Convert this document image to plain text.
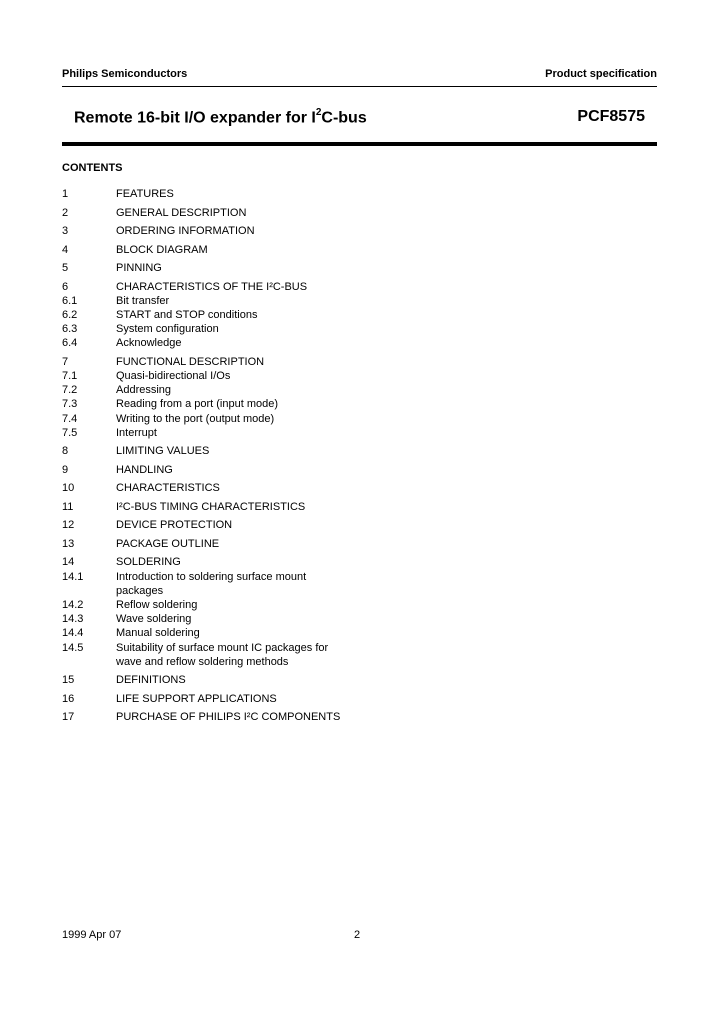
Philips Semiconductors	Product specification
Remote 16-bit I/O expander for $I^2C$-bus	PCF8575
CONTENTS
1	FEATURES
2	GENERAL DESCRIPTION
3	ORDERING INFORMATION
4	BLOCK DIAGRAM
5	PINNING
6	CHARACTERISTICS OF THE I²C-BUS
6.1	Bit transfer
6.2	START and STOP conditions
6.3	System configuration
6.4	Acknowledge
7	FUNCTIONAL DESCRIPTION
7.1	Quasi-bidirectional I/Os
7.2	Addressing
7.3	Reading from a port (input mode)
7.4	Writing to the port (output mode)
7.5	Interrupt
8	LIMITING VALUES
9	HANDLING
10	CHARACTERISTICS
11	I²C-BUS TIMING CHARACTERISTICS
12	DEVICE PROTECTION
13	PACKAGE OUTLINE
14	SOLDERING
14.1	Introduction to soldering surface mount
packages
14.2	Reflow soldering
14.3	Wave soldering
14.4	Manual soldering
14.5	Suitability of surface mount IC packages for
wave and reflow soldering methods
15	DEFINITIONS
16	LIFE SUPPORT APPLICATIONS
17	PURCHASE OF PHILIPS I²C COMPONENTS
1999 Apr 07	2
